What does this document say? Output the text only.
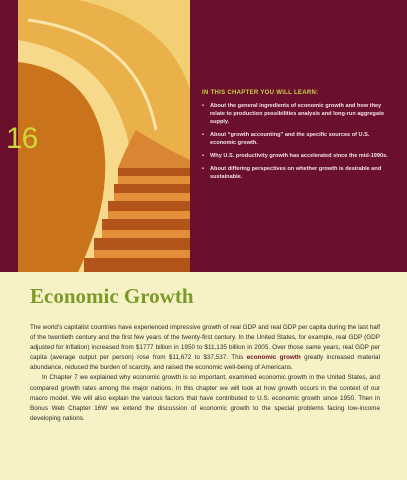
16
IN THIS CHAPTER YOU WILL LEARN:
• About the general ingredients of economic growth and how they relate to production possibilities analysis and long-run aggregate supply.
• About “growth accounting” and the specific sources of U.S. economic growth.
• Why U.S. productivity growth has accelerated since the mid-1990s.
• About differing perspectives on whether growth is desirable and sustainable.
Economic Growth

The world’s capitalist countries have experienced impressive growth of real GDP and real GDP per capita during the last half of the twentieth century and the first few years of the twenty-first century. In the United States, for example, real GDP (GDP adjusted for inflation) increased from $1777 billion in 1950 to $11,135 billion in 2005. Over those same years, real GDP per capita (average output per person) rose from $11,672 to $37,537. This economic growth greatly increased material abundance, reduced the burden of scarcity, and raised the economic well-being of Americans.

In Chapter 7 we explained why economic growth is so important, examined economic growth in the United States, and compared growth rates among the major nations. In this chapter we will look at how growth occurs in the context of our macro model. We will also explain the various factors that have contributed to U.S. economic growth since 1950. Then in Bonus Web Chapter 16W we extend the discussion of economic growth to the special problems facing low-income developing nations.
